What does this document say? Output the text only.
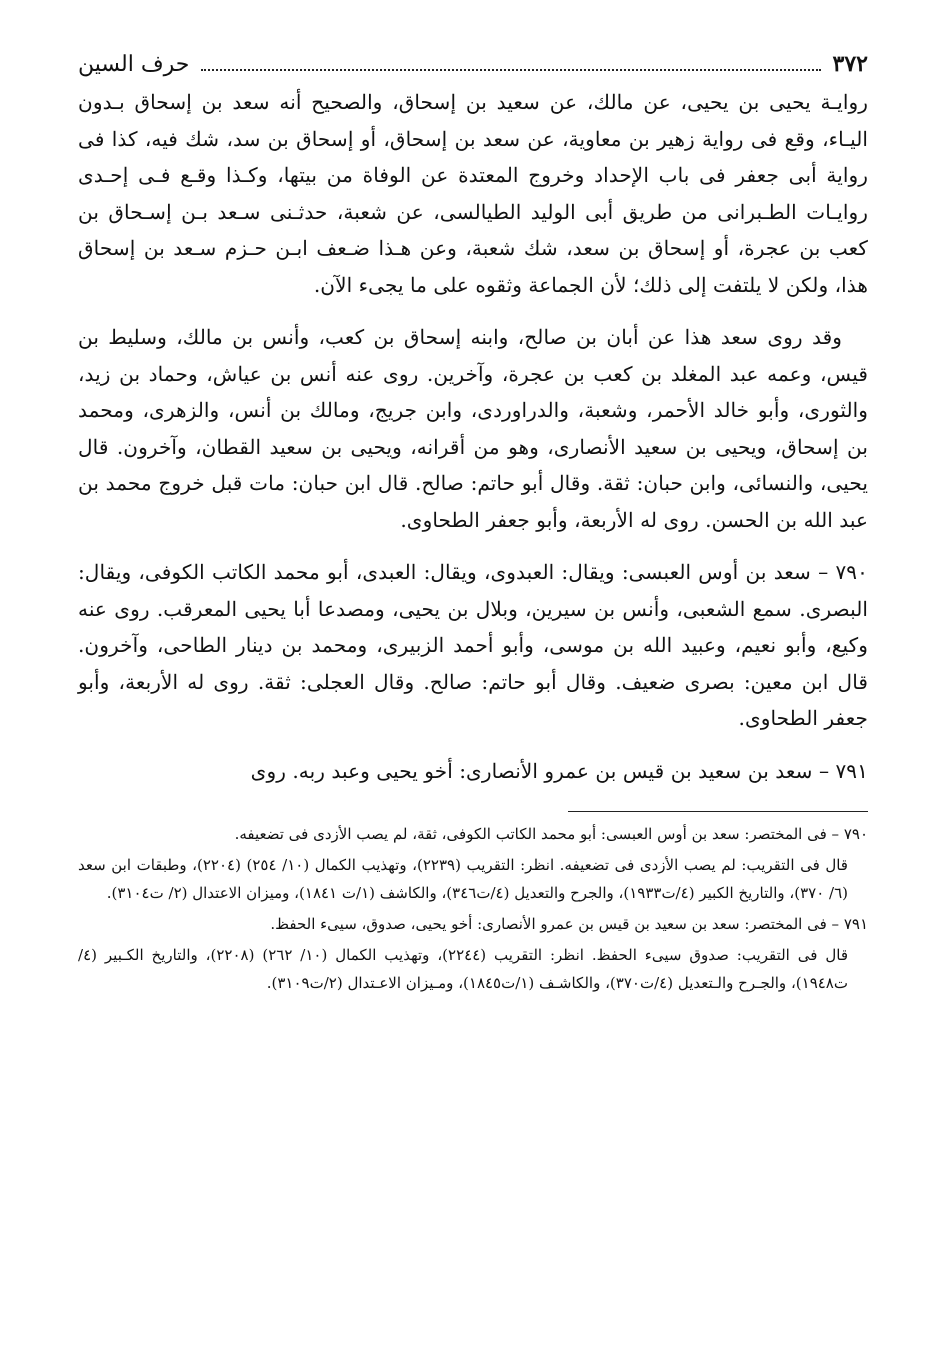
٣٧٢
حرف السين

روايـة يحيى بن يحيى، عن مالك، عن سعيد بن إسحاق، والصحيح أنه سعد بن إسحاق بـدون اليـاء، وقع فى رواية زهير بن معاوية، عن سعد بن إسحاق، أو إسحاق بن سد، شك فيه، كذا فى رواية أبى جعفر فى باب الإحداد وخروج المعتدة عن الوفاة من بيتها، وكـذا وقـع فـى إحـدى روايـات الطـبرانى من طريق أبى الوليد الطيالسى، عن شعبة، حدثـنى سـعد بـن إسـحاق بن كعب بن عجرة، أو إسحاق بن سعد، شك شعبة، وعن هـذا ضـعف ابـن حـزم سـعد بن إسحاق هذا، ولكن لا يلتفت إلى ذلك؛ لأن الجماعة وثقوه على ما يجىء الآن.

وقد روى سعد هذا عن أبان بن صالح، وابنه إسحاق بن كعب، وأنس بن مالك، وسليط بن قيس، وعمه عبد المغلد بن كعب بن عجرة، وآخرين. روى عنه أنس بن عياش، وحماد بن زيد، والثورى، وأبو خالد الأحمر، وشعبة، والدراوردى، وابن جريج، ومالك بن أنس، والزهرى، ومحمد بن إسحاق، ويحيى بن سعيد الأنصارى، وهو من أقرانه، ويحيى بن سعيد القطان، وآخرون. قال يحيى، والنسائى، وابن حبان: ثقة. وقال أبو حاتم: صالح. قال ابن حبان: مات قبل خروج محمد بن عبد الله بن الحسن. روى له الأربعة، وأبو جعفر الطحاوى.

٧٩٠ – سعد بن أوس العبسى: ويقال: العبدوى، ويقال: العبدى، أبو محمد الكاتب الكوفى، ويقال: البصرى. سمع الشعبى، وأنس بن سيرين، وبلال بن يحيى، ومصدعا أبا يحيى المعرقب. روى عنه وكيع، وأبو نعيم، وعبيد الله بن موسى، وأبو أحمد الزبيرى، ومحمد بن دينار الطاحى، وآخرون. قال ابن معين: بصرى ضعيف. وقال أبو حاتم: صالح. وقال العجلى: ثقة. روى له الأربعة، وأبو جعفر الطحاوى.

٧٩١ – سعد بن سعيد بن قيس بن عمرو الأنصارى: أخو يحيى وعبد ربه. روى

٧٩٠ – فى المختصر: سعد بن أوس العبسى: أبو محمد الكاتب الكوفى، ثقة، لم يصب الأزدى فى تضعيفه.

قال فى التقريب: لم يصب الأزدى فى تضعيفه. انظر: التقريب (٢٢٣٩)، وتهذيب الكمال (١٠/ ٢٥٤) (٢٢٠٤)، وطبقات ابن سعد (٦/ ٣٧٠)، والتاريخ الكبير (٤/ت١٩٣٣)، والجرح والتعديل (٤/ت٣٤٦)، والكاشف (١/ت ١٨٤١)، وميزان الاعتدال (٢/ ت٣١٠٤).

٧٩١ – فى المختصر: سعد بن سعيد بن قيس بن عمرو الأنصارى: أخو يحيى، صدوق، سيىء الحفظ.

قال فى التقريب: صدوق سيىء الحفظ. انظر: التقريب (٢٢٤٤)، وتهذيب الكمال (١٠/ ٢٦٢) (٢٢٠٨)، والتاريخ الكـبير (٤/ت١٩٤٨)، والجـرح والـتعديل (٤/ت٣٧٠)، والكاشـف (١/ت١٨٤٥)، ومـيزان الاعـتدال (٢/ت٣١٠٩).
